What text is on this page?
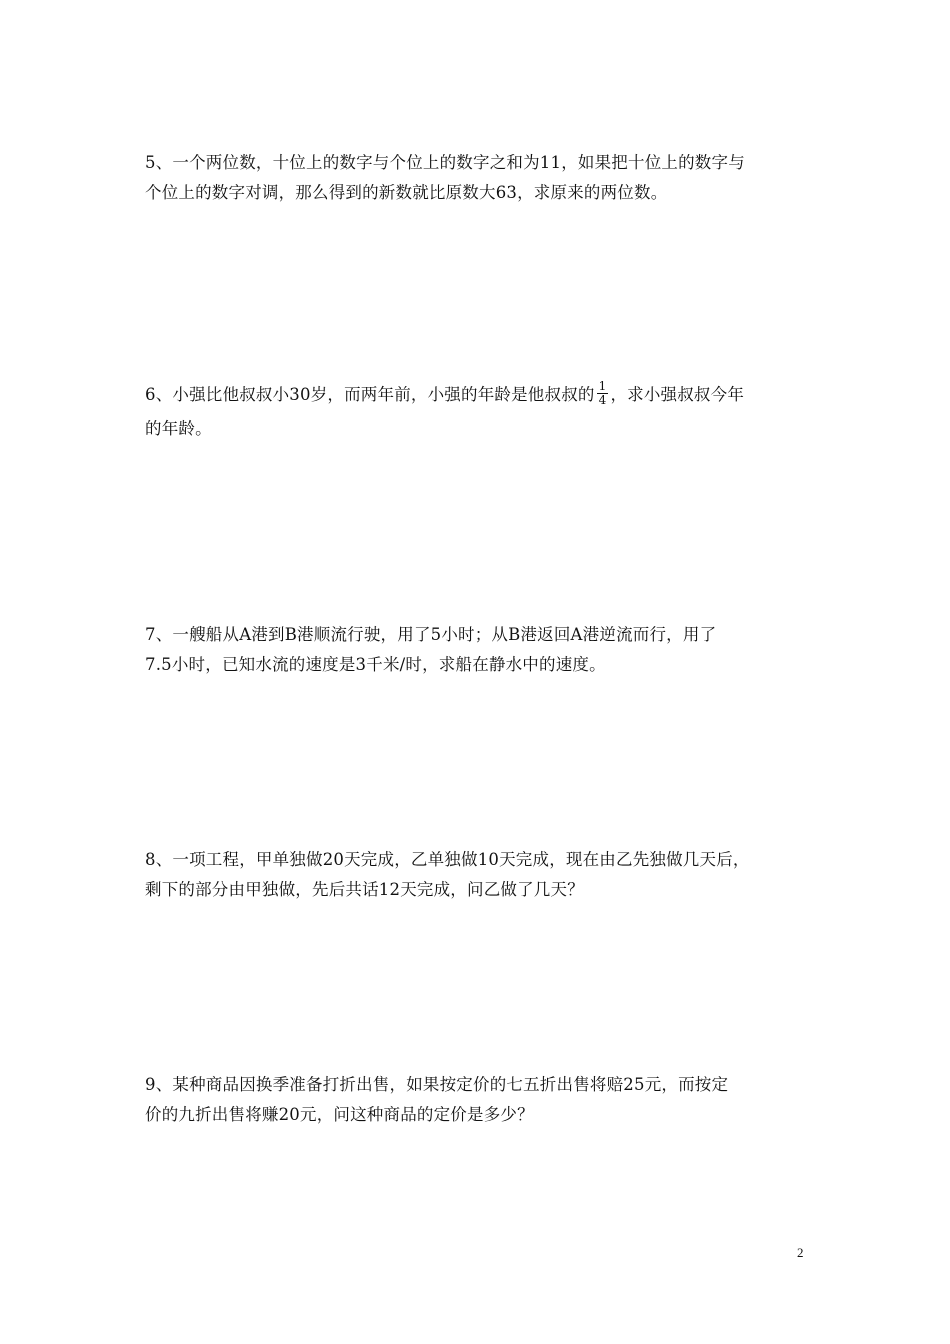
5、一个两位数，十位上的数字与个位上的数字之和为11，如果把十位上的数字与
个位上的数字对调，那么得到的新数就比原数大63，求原来的两位数。
6、小强比他叔叔小30岁，而两年前，小强的年龄是他叔叔的 $\frac{1}{4}$ ，求小强叔叔今年
的年龄。
7、一艘船从A港到B港顺流行驶，用了5小时；从B港返回A港逆流而行，用了
7.5小时，已知水流的速度是3千米/时，求船在静水中的速度。
8、一项工程，甲单独做20天完成，乙单独做10天完成，现在由乙先独做几天后，
剩下的部分由甲独做，先后共话12天完成，问乙做了几天？
9、某种商品因换季准备打折出售，如果按定价的七五折出售将赔25元，而按定
价的九折出售将赚20元，问这种商品的定价是多少？
2
